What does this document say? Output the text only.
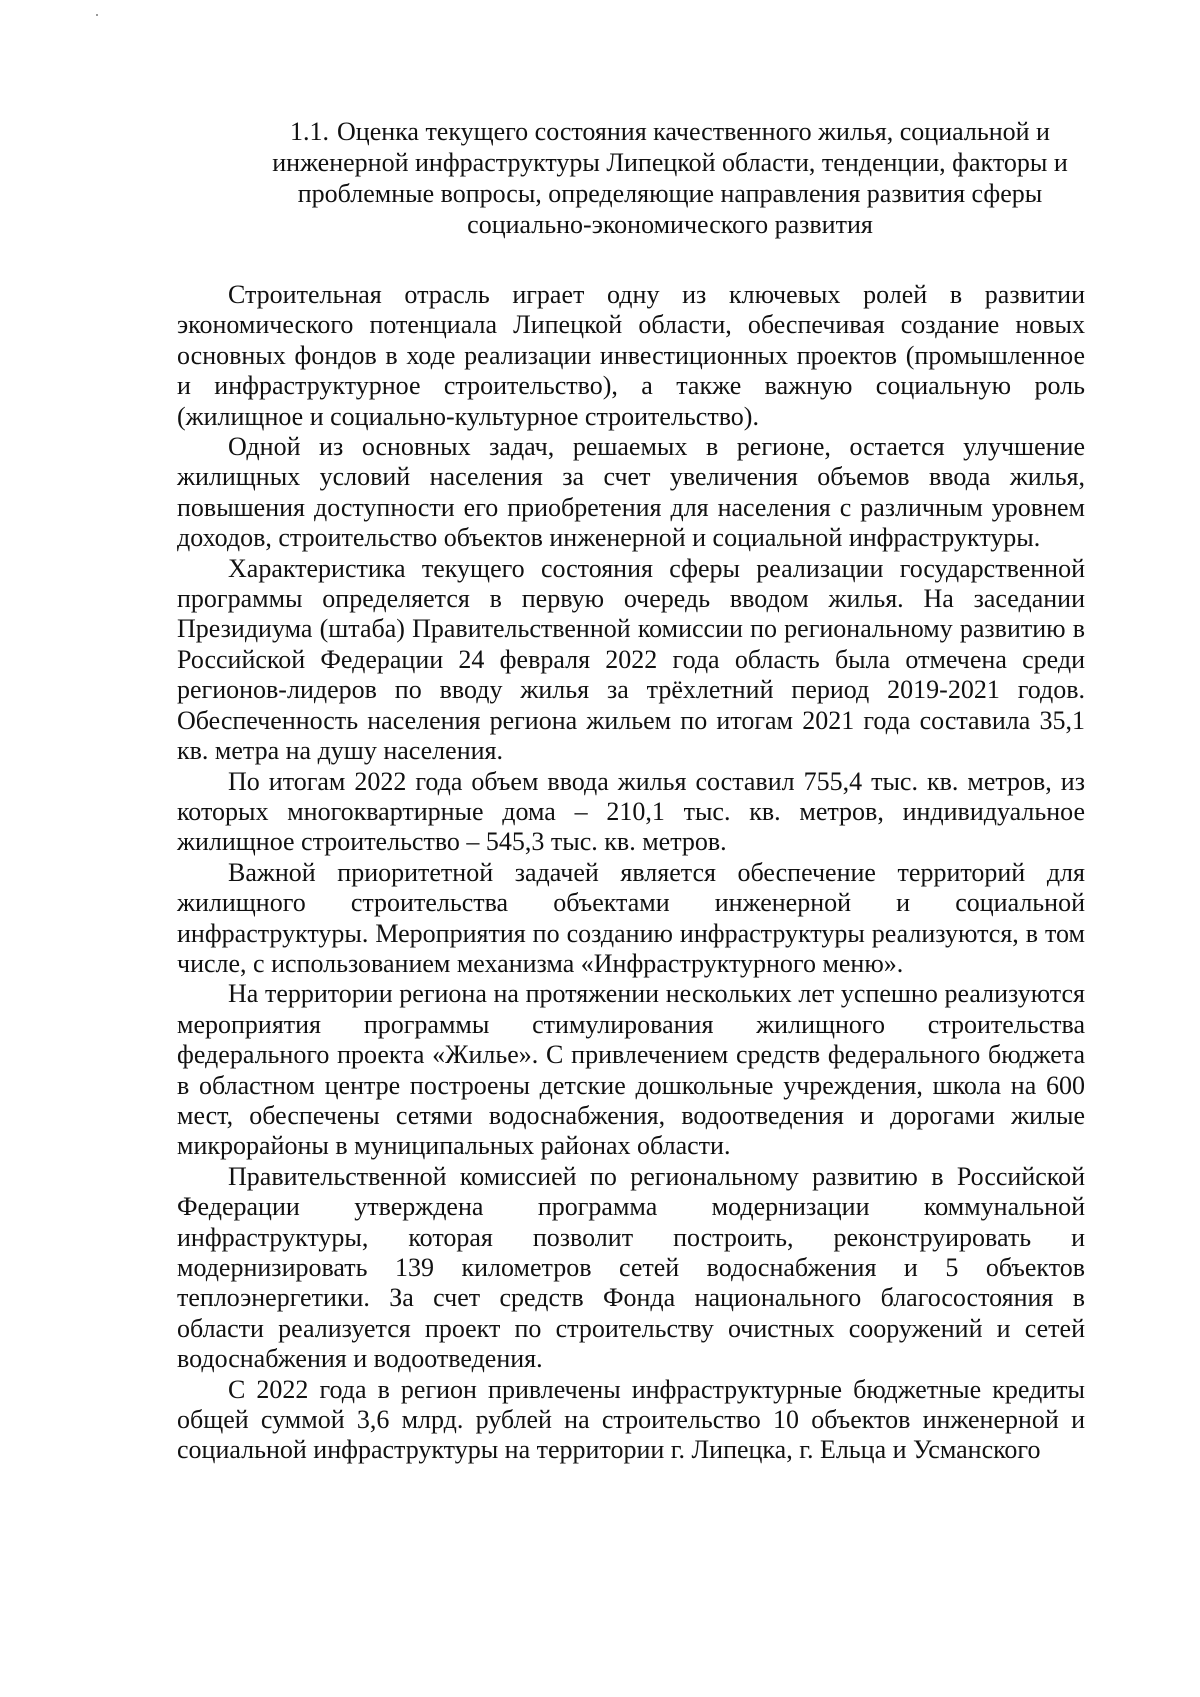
1.1. Оценка текущего состояния качественного жилья, социальной и инженерной инфраструктуры Липецкой области, тенденции, факторы и проблемные вопросы, определяющие направления развития сферы социально-экономического развития

Строительная отрасль играет одну из ключевых ролей в развитии экономического потенциала Липецкой области, обеспечивая создание новых основных фондов в ходе реализации инвестиционных проектов (промышленное и инфраструктурное строительство), а также важную социальную роль (жилищное и социально-культурное строительство).

Одной из основных задач, решаемых в регионе, остается улучшение жилищных условий населения за счет увеличения объемов ввода жилья, повышения доступности его приобретения для населения с различным уровнем доходов, строительство объектов инженерной и социальной инфраструктуры.

Характеристика текущего состояния сферы реализации государственной программы определяется в первую очередь вводом жилья. На заседании Президиума (штаба) Правительственной комиссии по региональному развитию в Российской Федерации 24 февраля 2022 года область была отмечена среди регионов-лидеров по вводу жилья за трёхлетний период 2019-2021 годов. Обеспеченность населения региона жильем по итогам 2021 года составила 35,1 кв. метра на душу населения.

По итогам 2022 года объем ввода жилья составил 755,4 тыс. кв. метров, из которых многоквартирные дома – 210,1 тыс. кв. метров, индивидуальное жилищное строительство – 545,3 тыс. кв. метров.

Важной приоритетной задачей является обеспечение территорий для жилищного строительства объектами инженерной и социальной инфраструктуры. Мероприятия по созданию инфраструктуры реализуются, в том числе, с использованием механизма «Инфраструктурного меню».

На территории региона на протяжении нескольких лет успешно реализуются мероприятия программы стимулирования жилищного строительства федерального проекта «Жилье». С привлечением средств федерального бюджета в областном центре построены детские дошкольные учреждения, школа на 600 мест, обеспечены сетями водоснабжения, водоотведения и дорогами жилые микрорайоны в муниципальных районах области.

Правительственной комиссией по региональному развитию в Российской Федерации утверждена программа модернизации коммунальной инфраструктуры, которая позволит построить, реконструировать и модернизировать 139 километров сетей водоснабжения и 5 объектов теплоэнергетики. За счет средств Фонда национального благосостояния в области реализуется проект по строительству очистных сооружений и сетей водоснабжения и водоотведения.

С 2022 года в регион привлечены инфраструктурные бюджетные кредиты общей суммой 3,6 млрд. рублей на строительство 10 объектов инженерной и социальной инфраструктуры на территории г. Липецка, г. Ельца и Усманского
